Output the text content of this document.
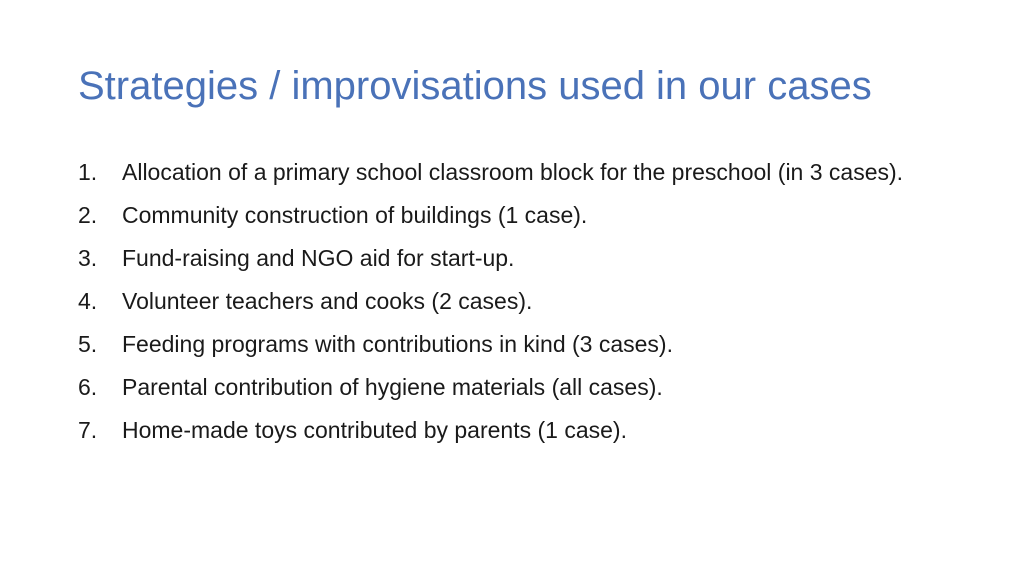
Strategies / improvisations used in our cases
1.	Allocation of a primary school classroom block for the preschool (in 3 cases).
2.	Community construction of buildings (1 case).
3.	Fund-raising and NGO aid for start-up.
4.	Volunteer teachers and cooks (2 cases).
5.	Feeding programs with contributions in kind (3 cases).
6.	Parental contribution of hygiene materials (all cases).
7.	Home-made toys contributed by parents (1 case).
